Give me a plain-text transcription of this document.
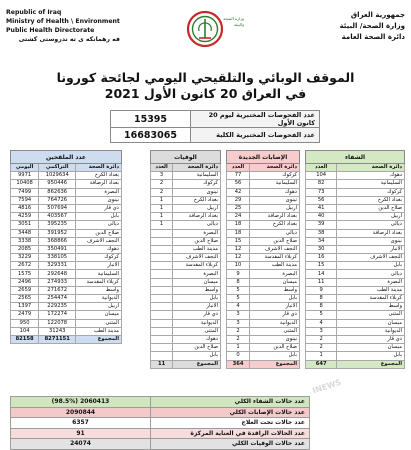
Republic of Iraq
Ministry of Health \ Environment
Public Health Directorate
فه رهمانكه ى ته ندروستى کشتى
وزارة الصحة والبيئة
جمهورية العراق
وزارة الصحة/ البيئة
دائرة الصحة العامة
الموقف الوبائي والتلقيحي اليومي لجائحة كورونا
في العراق 20 كانون الأول 2021
عدد الفحوصات المختبرية ليوم 20 كانون الأول	15395
عدد الفحوصات المختبرية الكلية	16683065
الشفاء	
دائرة الصحة	العدد
دهوك	104
السليمانية	82
كركوك	73
بغداد الكرخ	56
صلاح الدين	41
أربيل	40
ديالى	39
بغداد الرصافة	38
نينوى	34
الأنبار	30
النجف الأشرف	16
بابل	15
ديالى	14
البصرة	11
مدينة الطب	9
كربلاء المقدسة	8
واسط	8
المثنى	5
ميسان	4
الديوانية	3
ذي قار	2
ميسان	2
بابل	1
المجموع	647
الإصابات الجديدة	
دائرة الصحة	العدد
كركوك	77
السليمانية	56
دهوك	42
نينوى	29
أربيل	25
بغداد الرصافة	24
بغداد الكرخ	18
ديالى	18
صلاح الدين	15
النجف الأشرف	12
كربلاء المقدسة	12
مدينة الطب	10
البصرة	9
ميسان	8
واسط	5
بابل	5
الأنبار	4
ذي قار	3
الديوانية	3
المثنى	2
نينوى	2
صلاح الدين	1
بابل	0
المجموع	364
الوفيات	
دائرة الصحة	العدد
السليمانية	3
كركوك	2
نينوى	2
بغداد الكرخ	1
أربيل	1
بغداد الرصافة	1
ديالى	1
البصرة	
صلاح الدين	
مدينة الطب	
النجف الأشرف	
كربلاء المقدسة	
البصرة	
ميسان	
واسط	
بابل	
الأنبار	
ذي قار	
الديوانية	
المثنى	
دهوك	
صلاح الدين	
بابل	
المجموع	11
عدد الملقحين		
دائرة الصحة	التراكمي	اليومي
بغداد الكرخ	1029634	9971
بغداد الرصافة	950446	10408
البصرة	862636	7499
نينوى	764726	7594
ذي قار	507694	4816
بابل	403567	4259
ديالى	395235	3051
صلاح الدين	391952	3448
النجف الأشرف	368866	3338
دهوك	350491	2085
كركوك	338105	3229
الأنبار	329331	2672
السليمانية	292648	1575
كربلاء المقدسة	274933	2496
واسط	271672	2659
الديوانية	254474	2565
أربيل	229235	1397
ميسان	172274	2479
المثنى	122078	950
مدينة الطب	31243	104
المجموع	8271151	82158
عدد حالات الشفاء الكلي	2060413 (98.5%)
عدد حالات الإصابات الكلي	2090844
عدد حالات تحت العلاج	6357
عدد الحالات الراقدة في العناية المركزة	91
عدد حالات الوفيات الكلي	24074
INEWS
